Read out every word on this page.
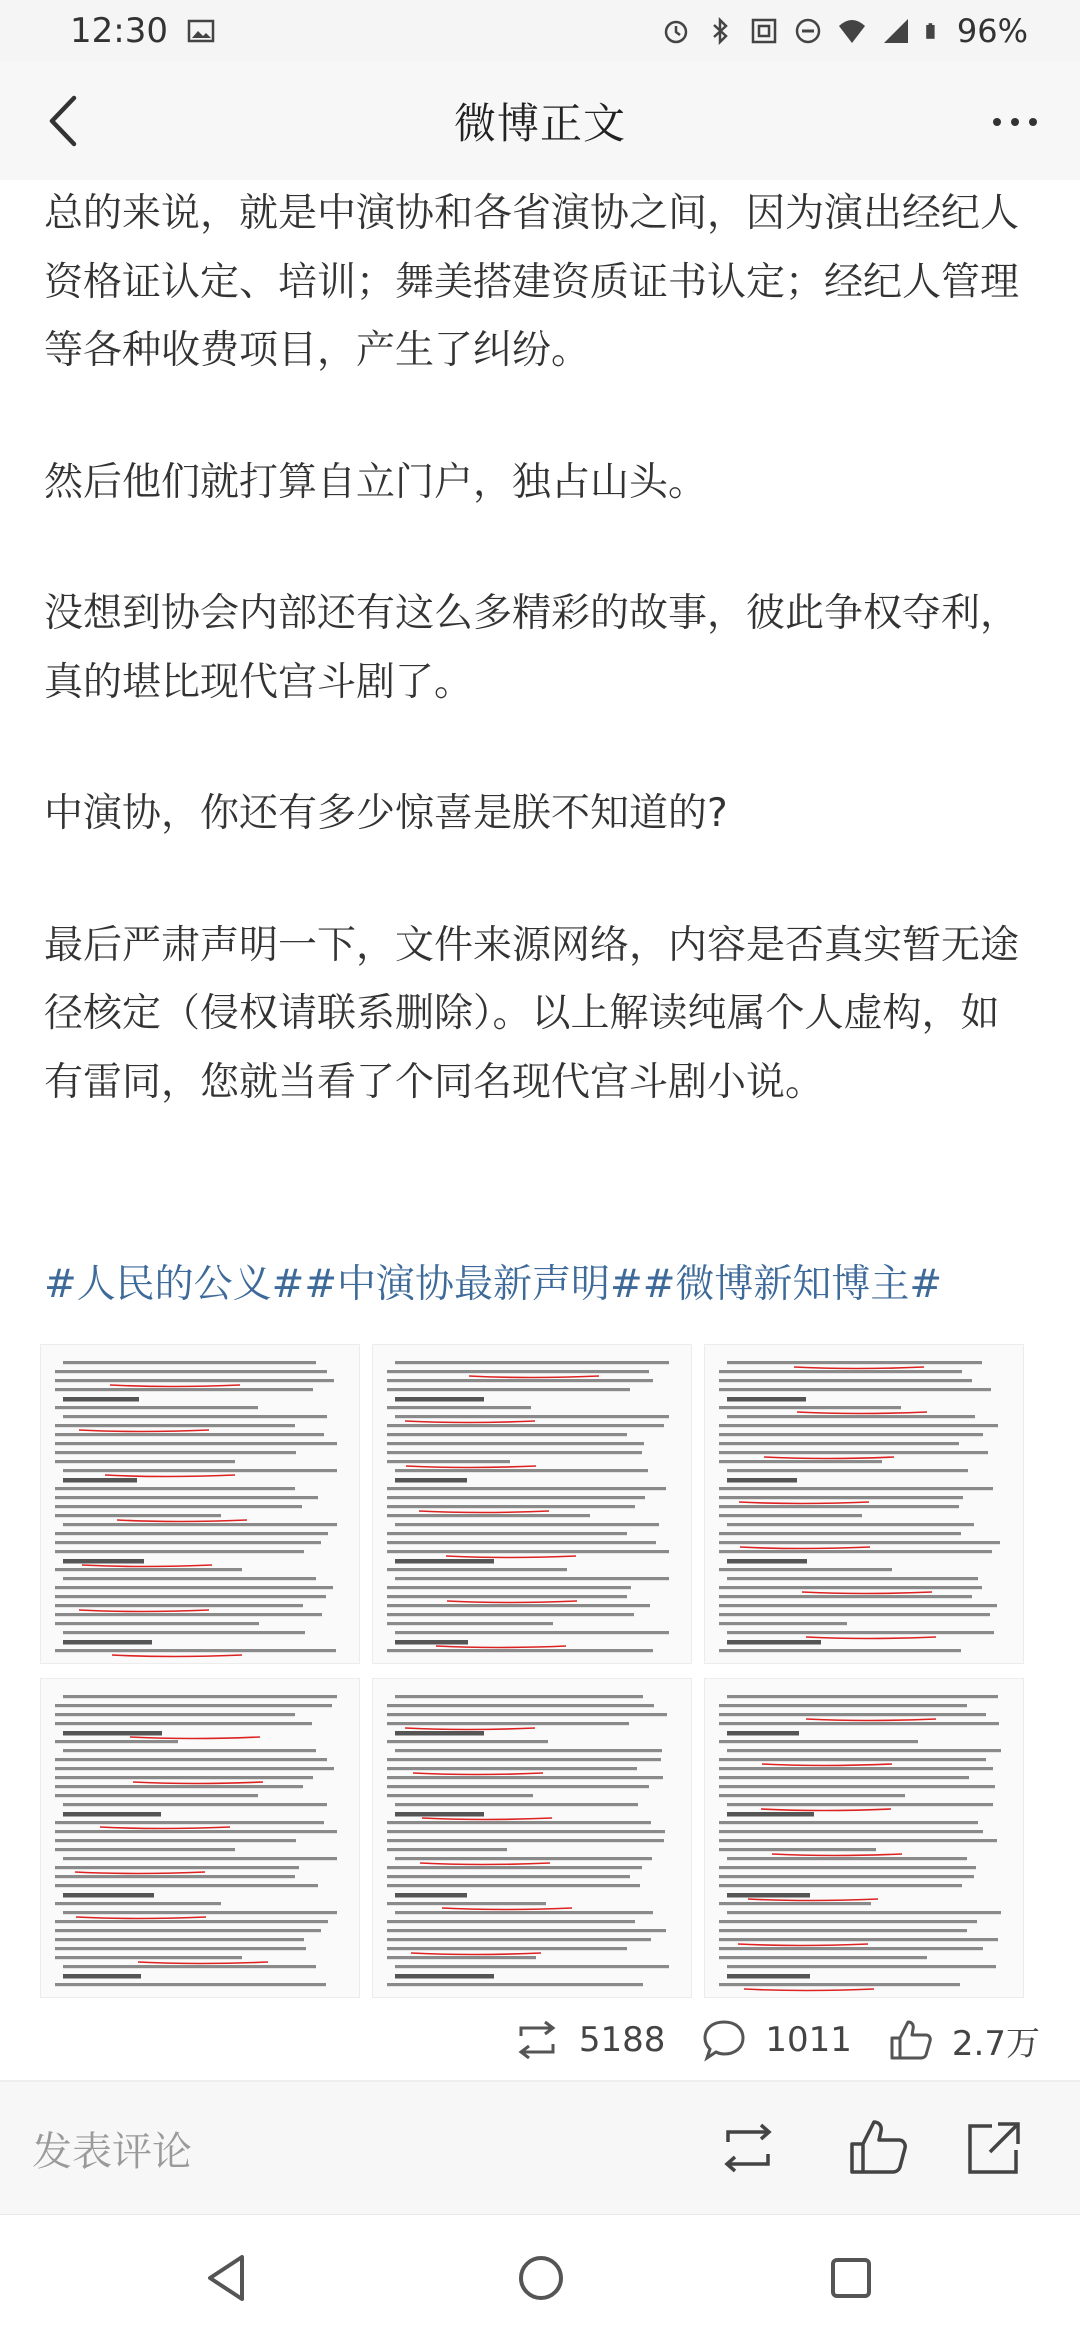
12:30	96%
微博正文

总的来说，就是中演协和各省演协之间，因为演出经纪人资格证认定、培训；舞美搭建资质证书认定；经纪人管理等各种收费项目，产生了纠纷。

然后他们就打算自立门户，独占山头。

没想到协会内部还有这么多精彩的故事，彼此争权夺利，真的堪比现代宫斗剧了。

中演协，你还有多少惊喜是朕不知道的?

最后严肃声明一下，文件来源网络，内容是否真实暂无途径核定（侵权请联系删除）。以上解读纯属个人虚构，如有雷同，您就当看了个同名现代宫斗剧小说。

#人民的公义##中演协最新声明##微博新知博主#
5188	1011	2.7万
发表评论
